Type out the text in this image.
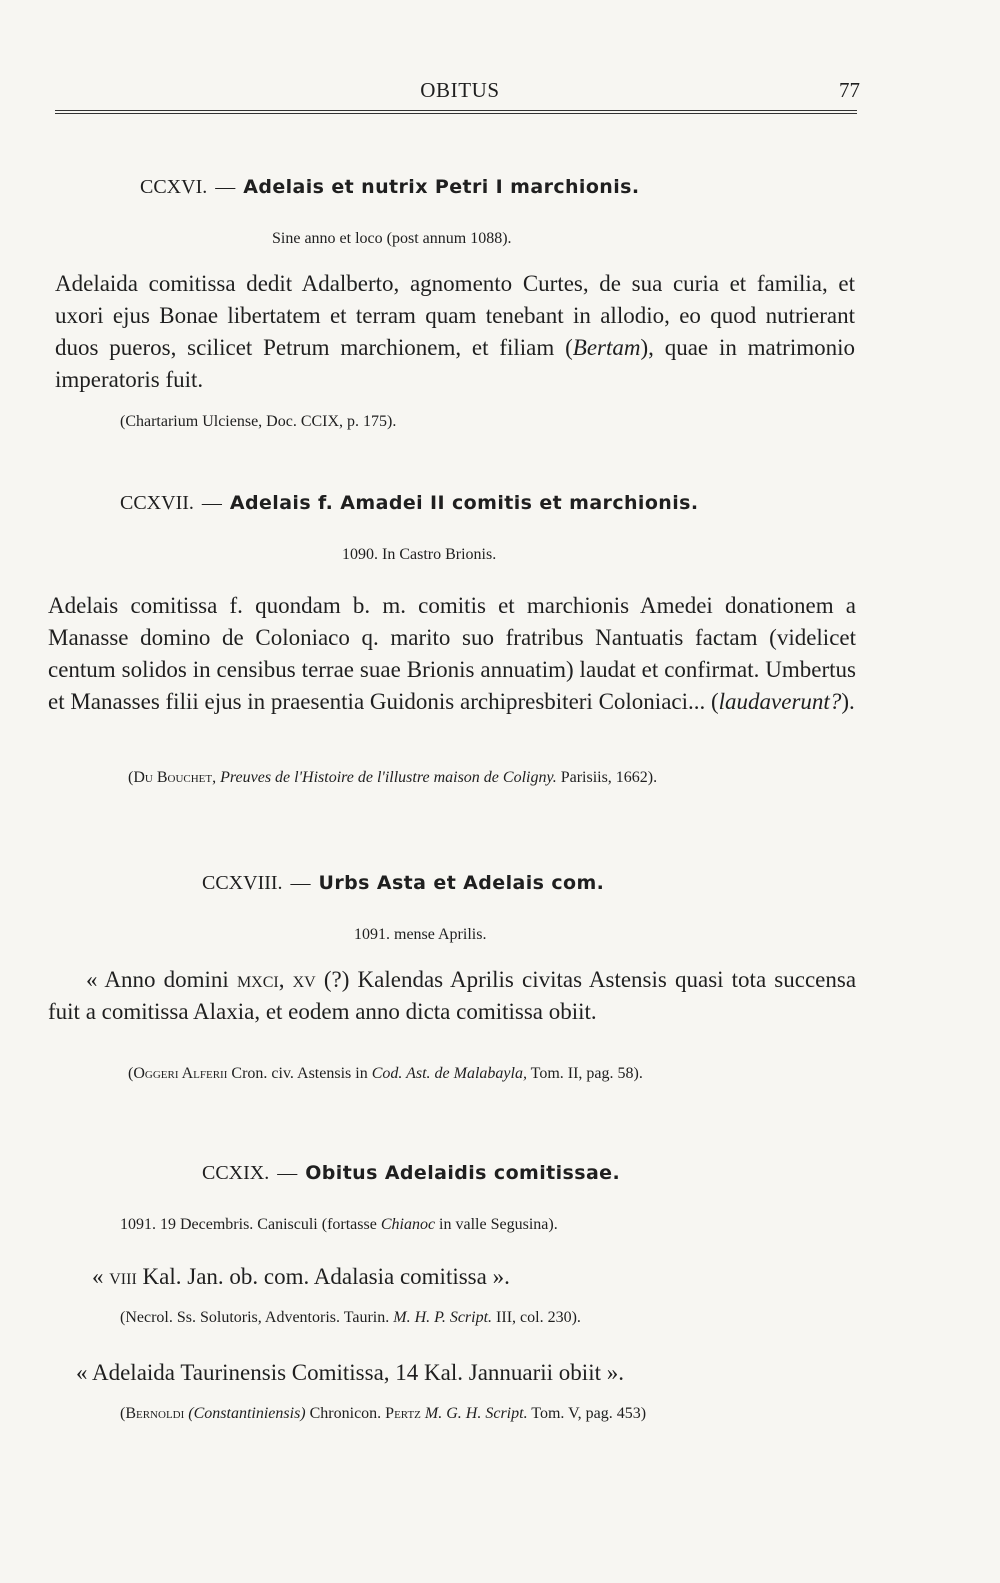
OBITUS	77
CCXVI. — Adelais et nutrix Petri I marchionis.
Sine anno et loco (post annum 1088).
Adelaida comitissa dedit Adalberto, agnomento Curtes, de sua curia et familia, et uxori ejus Bonae libertatem et terram quam tenebant in allodio, eo quod nutrierant duos pueros, scilicet Petrum marchionem, et filiam (Bertam), quae in matrimonio imperatoris fuit.
(Chartarium Ulciense, Doc. CCIX, p. 175).
CCXVII. — Adelais f. Amadei II comitis et marchionis.
1090. In Castro Brionis.
Adelais comitissa f. quondam b. m. comitis et marchionis Amedei donationem a Manasse domino de Coloniaco q. marito suo fratribus Nantuatis factam (videlicet centum solidos in censibus terrae suae Brionis annuatim) laudat et confirmat. Umbertus et Manasses filii ejus in praesentia Guidonis archipresbiteri Coloniaci... (laudaverunt?).
(Du Bouchet, Preuves de l'Histoire de l'illustre maison de Coligny. Parisiis, 1662).
CCXVIII. — Urbs Asta et Adelais com.
1091. mense Aprilis.
« Anno domini mxci, xv (?) Kalendas Aprilis civitas Astensis quasi tota succensa fuit a comitissa Alaxia, et eodem anno dicta comitissa obiit.
(Oggeri Alferii Cron. civ. Astensis in Cod. Ast. de Malabayla, Tom. II, pag. 58).
CCXIX. — Obitus Adelaidis comitissae.
1091. 19 Decembris. Canisculi (fortasse Chianoc in valle Segusina).
« viii Kal. Jan. ob. com. Adalasia comitissa ».
(Necrol. Ss. Solutoris, Adventoris. Taurin. M. H. P. Script. III, col. 230).
« Adelaida Taurinensis Comitissa, 14 Kal. Jannuarii obiit ».
(Bernoldi (Constantiniensis) Chronicon. Pertz M. G. H. Script. Tom. V, pag. 453)
